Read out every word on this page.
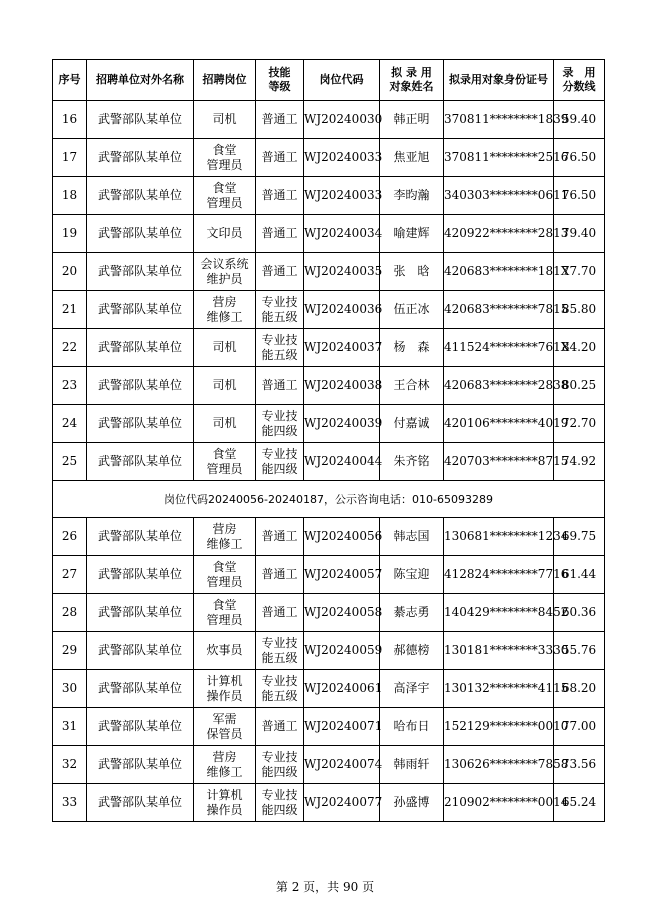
序号	招聘单位对外名称	招聘岗位	技能
等级	岗位代码	拟 录 用
对象姓名	拟录用对象身份证号	录　用
分数线
16	武警部队某单位	司机	普通工	WJ20240030	韩正明	370811********1839	59.40
17	武警部队某单位	食堂
管理员	普通工	WJ20240033	焦亚旭	370811********2516	76.50
18	武警部队某单位	食堂
管理员	普通工	WJ20240033	李昀瀚	340303********0611	76.50
19	武警部队某单位	文印员	普通工	WJ20240034	喻建辉	420922********2813	79.40
20	武警部队某单位	会议系统
维护员	普通工	WJ20240035	张　晗	420683********181X	77.70
21	武警部队某单位	营房
维修工	专业技
能五级	WJ20240036	伍正冰	420683********7815	85.80
22	武警部队某单位	司机	专业技
能五级	WJ20240037	杨　森	411524********761X	84.20
23	武警部队某单位	司机	普通工	WJ20240038	王合林	420683********2838	80.25
24	武警部队某单位	司机	专业技
能四级	WJ20240039	付嘉诚	420106********4019	72.70
25	武警部队某单位	食堂
管理员	专业技
能四级	WJ20240044	朱齐铭	420703********8715	74.92
岗位代码20240056-20240187，公示咨询电话：010-65093289							
26	武警部队某单位	营房
维修工	普通工	WJ20240056	韩志国	130681********1234	69.75
27	武警部队某单位	食堂
管理员	普通工	WJ20240057	陈宝迎	412824********7716	61.44
28	武警部队某单位	食堂
管理员	普通工	WJ20240058	綦志勇	140429********8452	60.36
29	武警部队某单位	炊事员	专业技
能五级	WJ20240059	郝德榜	130181********3330	55.76
30	武警部队某单位	计算机
操作员	专业技
能五级	WJ20240061	高泽宇	130132********4115	68.20
31	武警部队某单位	军需
保管员	普通工	WJ20240071	哈布日	152129********0010	77.00
32	武警部队某单位	营房
维修工	专业技
能四级	WJ20240074	韩雨轩	130626********7858	73.56
33	武警部队某单位	计算机
操作员	专业技
能四级	WJ20240077	孙盛博	210902********0014	65.24
第 2 页，共 90 页
